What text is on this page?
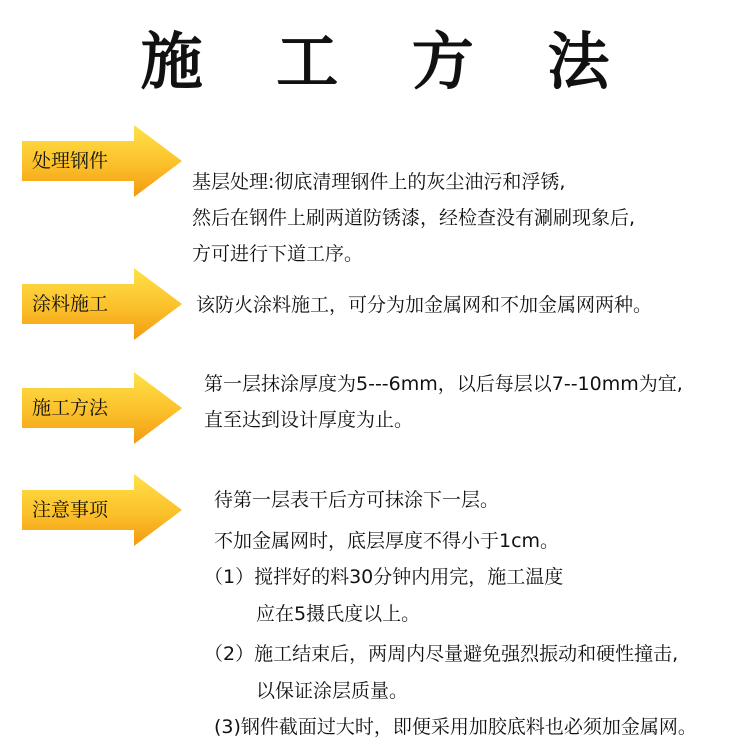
施 工 方 法
处理钢件
基层处理:彻底清理钢件上的灰尘油污和浮锈,
然后在钢件上刷两道防锈漆，经检查没有涮刷现象后,
方可进行下道工序。
涂料施工	该防火涂料施工，可分为加金属网和不加金属网两种。
施工方法
第一层抹涂厚度为5---6mm，以后每层以7--10mm为宜,
直至达到设计厚度为止。
注意事项	待第一层表干后方可抹涂下一层。
不加金属网时，底层厚度不得小于1cm。
（1）搅拌好的料30分钟内用完，施工温度
应在5摄氏度以上。
（2）施工结束后，两周内尽量避免强烈振动和硬性撞击,
以保证涂层质量。
(3)钢件截面过大时，即便采用加胶底料也必须加金属网。
